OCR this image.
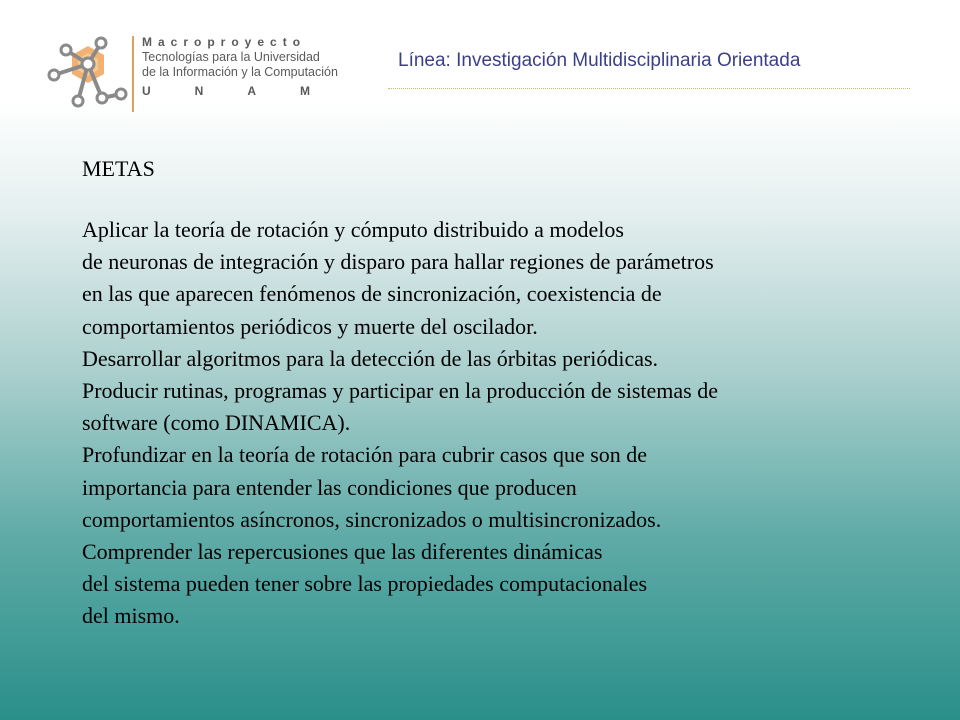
Macroproyecto
Tecnologías para la Universidad
de la Información y la Computación
UNAM
Línea: Investigación Multidisciplinaria Orientada
METAS
Aplicar la teoría de rotación y cómputo distribuido a modelos
de neuronas de integración y disparo para hallar regiones de parámetros
en las que aparecen fenómenos de sincronización, coexistencia de
comportamientos periódicos y muerte del oscilador.
Desarrollar algoritmos para la detección de las órbitas periódicas.
Producir rutinas, programas y participar en la producción de sistemas de
software (como DINAMICA).
Profundizar en la teoría de rotación para cubrir casos que son de
importancia para entender las condiciones que producen
comportamientos asíncronos, sincronizados o multisincronizados.
Comprender las repercusiones que las diferentes dinámicas
del sistema pueden tener sobre las propiedades computacionales
del mismo.
